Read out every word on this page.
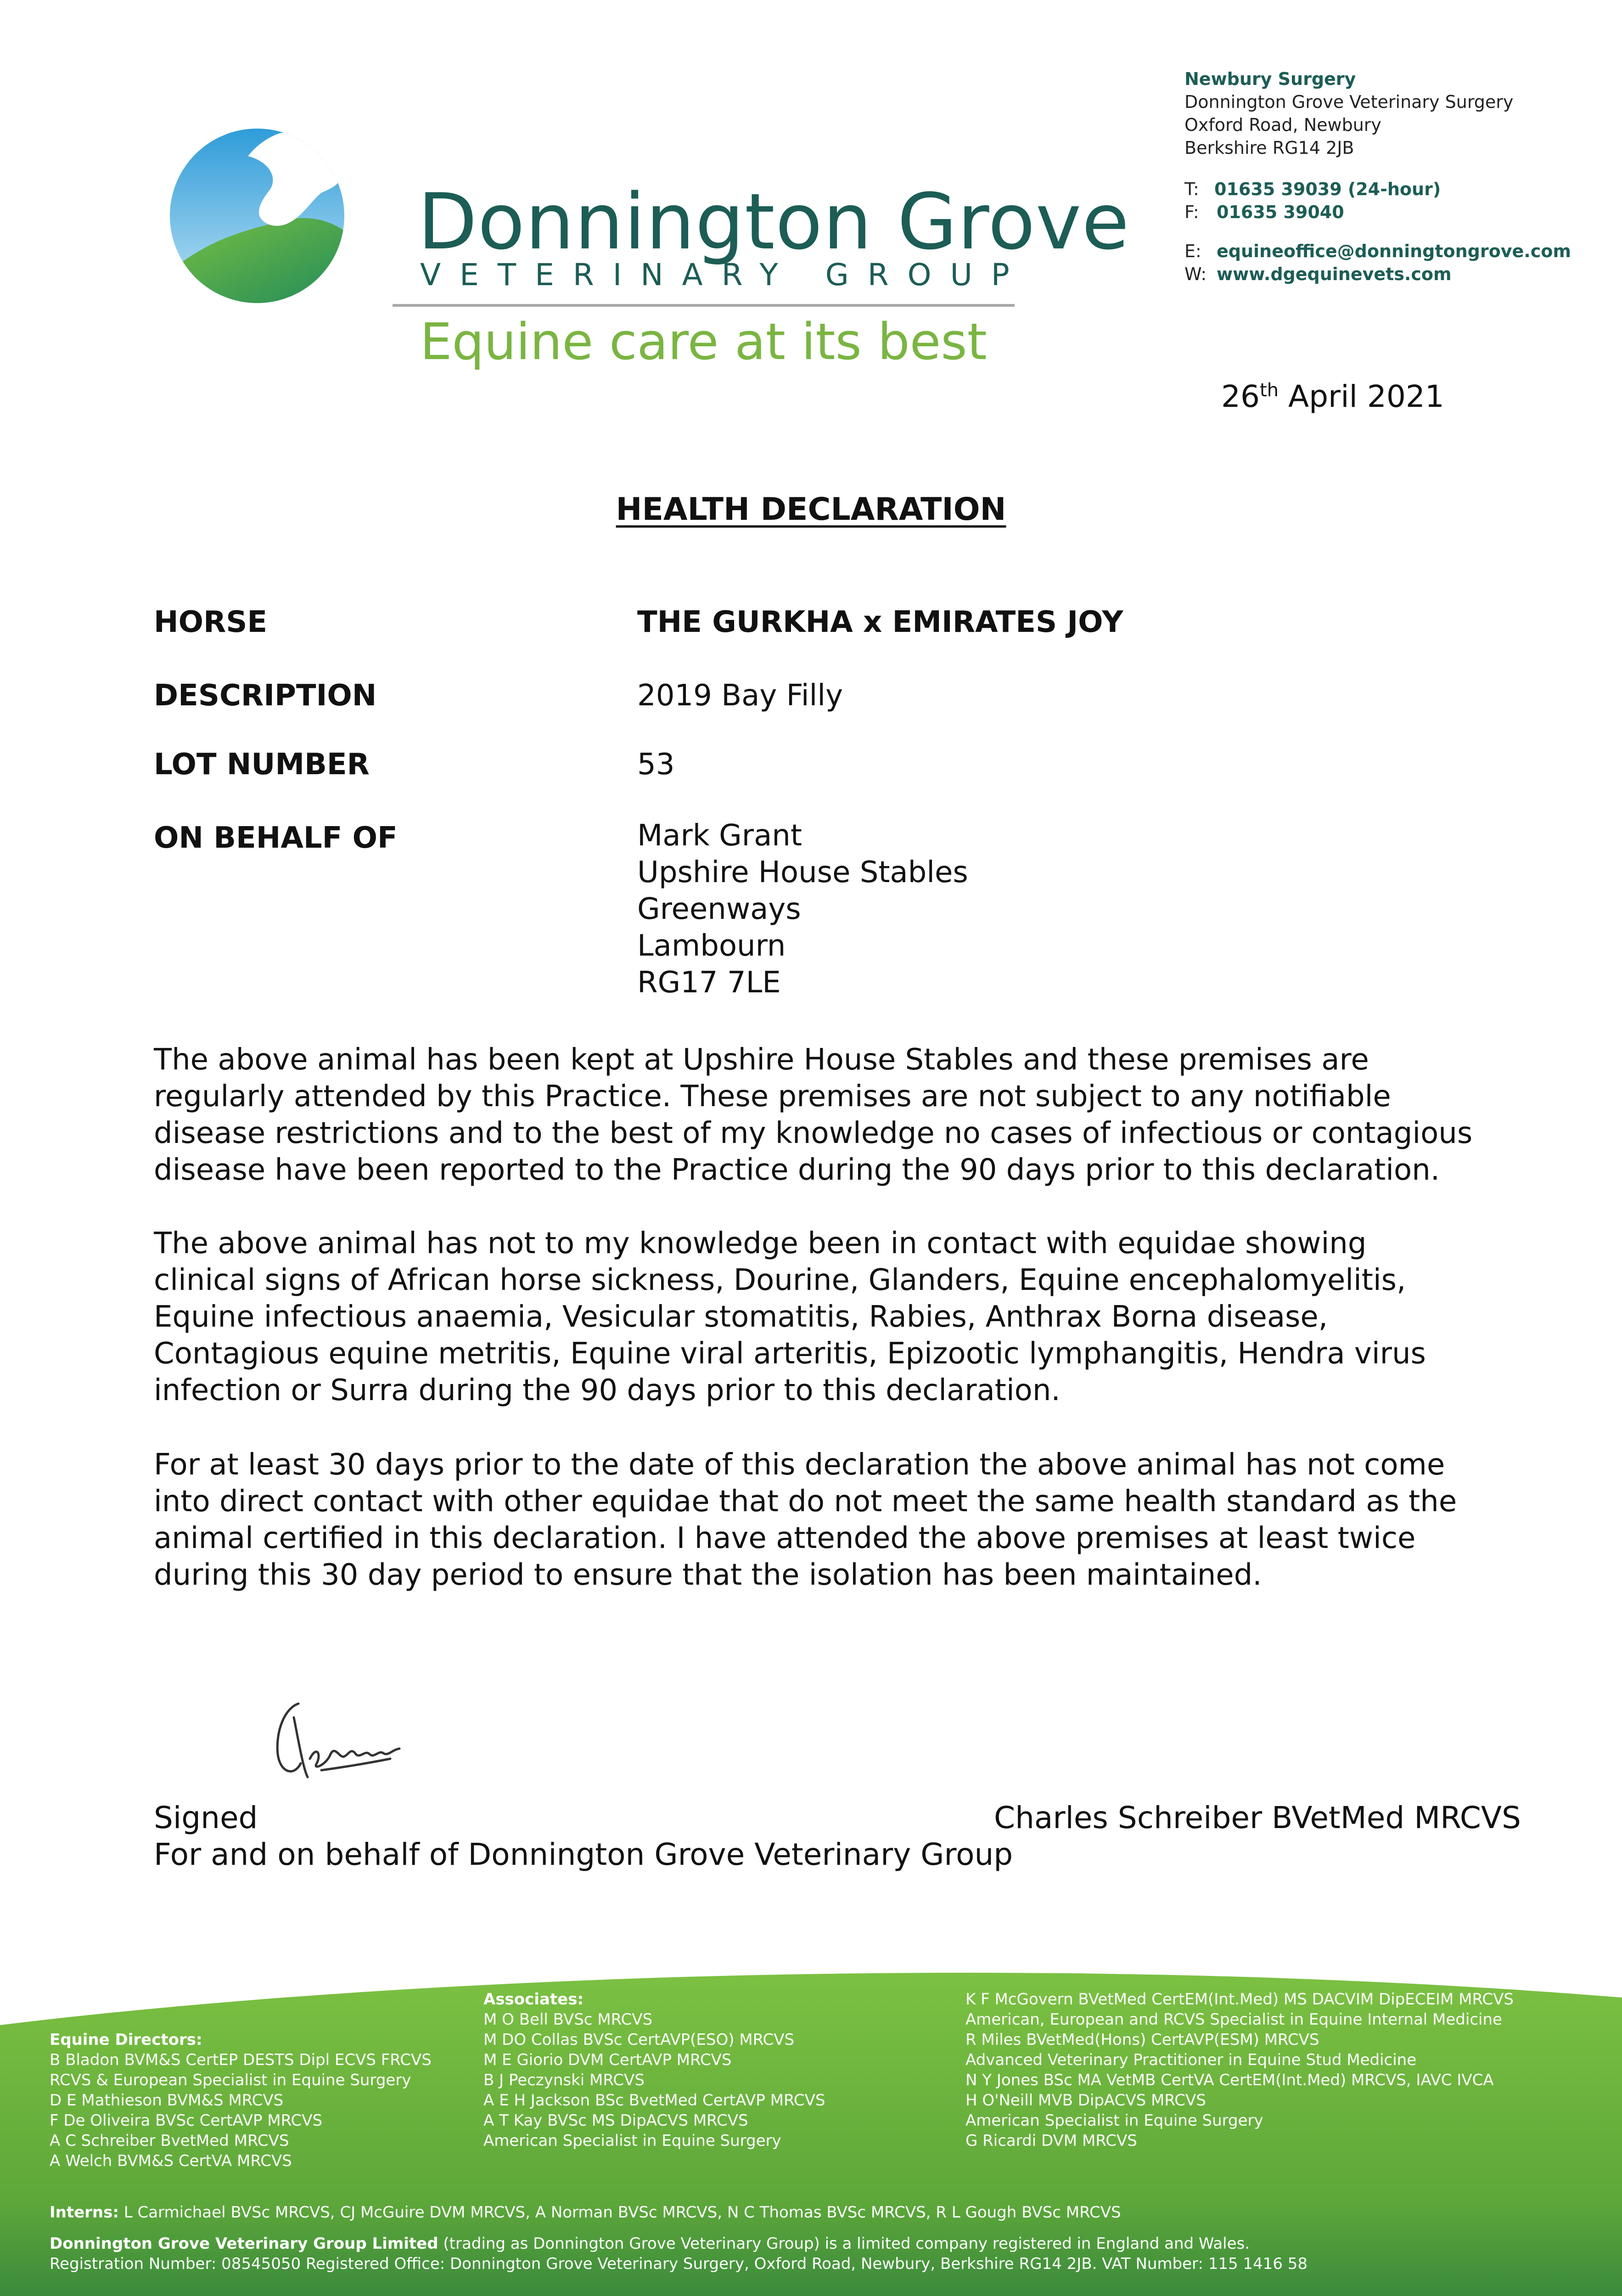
Donnington Grove
VETERINARY GROUP
Equine care at its best
Newbury Surgery
Donnington Grove Veterinary Surgery
Oxford Road, Newbury
Berkshire RG14 2JB
T: 01635 39039 (24-hour)
F: 01635 39040
E: equineoffice@donningtongrove.com
W: www.dgequinevets.com
26th April 2021
HEALTH DECLARATION
HORSE	THE GURKHA x EMIRATES JOY
DESCRIPTION	2019 Bay Filly
LOT NUMBER	53
ON BEHALF OF	Mark Grant
Upshire House Stables
Greenways
Lambourn
RG17 7LE
The above animal has been kept at Upshire House Stables and these premises are
regularly attended by this Practice. These premises are not subject to any notifiable
disease restrictions and to the best of my knowledge no cases of infectious or contagious
disease have been reported to the Practice during the 90 days prior to this declaration.
The above animal has not to my knowledge been in contact with equidae showing
clinical signs of African horse sickness, Dourine, Glanders, Equine encephalomyelitis,
Equine infectious anaemia, Vesicular stomatitis, Rabies, Anthrax Borna disease,
Contagious equine metritis, Equine viral arteritis, Epizootic lymphangitis, Hendra virus
infection or Surra during the 90 days prior to this declaration.
For at least 30 days prior to the date of this declaration the above animal has not come
into direct contact with other equidae that do not meet the same health standard as the
animal certified in this declaration. I have attended the above premises at least twice
during this 30 day period to ensure that the isolation has been maintained.
Signed	Charles Schreiber BVetMed MRCVS
For and on behalf of Donnington Grove Veterinary Group
Equine Directors:
B Bladon BVM&S CertEP DESTS Dipl ECVS FRCVS
RCVS & European Specialist in Equine Surgery
D E Mathieson BVM&S MRCVS
F De Oliveira BVSc CertAVP MRCVS
A C Schreiber BvetMed MRCVS
A Welch BVM&S CertVA MRCVS
Associates:
M O Bell BVSc MRCVS
M DO Collas BVSc CertAVP(ESO) MRCVS
M E Giorio DVM CertAVP MRCVS
B J Peczynski MRCVS
A E H Jackson BSc BvetMed CertAVP MRCVS
A T Kay BVSc MS DipACVS MRCVS
American Specialist in Equine Surgery
K F McGovern BVetMed CertEM(Int.Med) MS DACVIM DipECEIM MRCVS
American, European and RCVS Specialist in Equine Internal Medicine
R Miles BVetMed(Hons) CertAVP(ESM) MRCVS
Advanced Veterinary Practitioner in Equine Stud Medicine
N Y Jones BSc MA VetMB CertVA CertEM(Int.Med) MRCVS, IAVC IVCA
H O'Neill MVB DipACVS MRCVS
American Specialist in Equine Surgery
G Ricardi DVM MRCVS
Interns: L Carmichael BVSc MRCVS, CJ McGuire DVM MRCVS, A Norman BVSc MRCVS, N C Thomas BVSc MRCVS, R L Gough BVSc MRCVS
Donnington Grove Veterinary Group Limited (trading as Donnington Grove Veterinary Group) is a limited company registered in England and Wales.
Registration Number: 08545050 Registered Office: Donnington Grove Veterinary Surgery, Oxford Road, Newbury, Berkshire RG14 2JB. VAT Number: 115 1416 58
